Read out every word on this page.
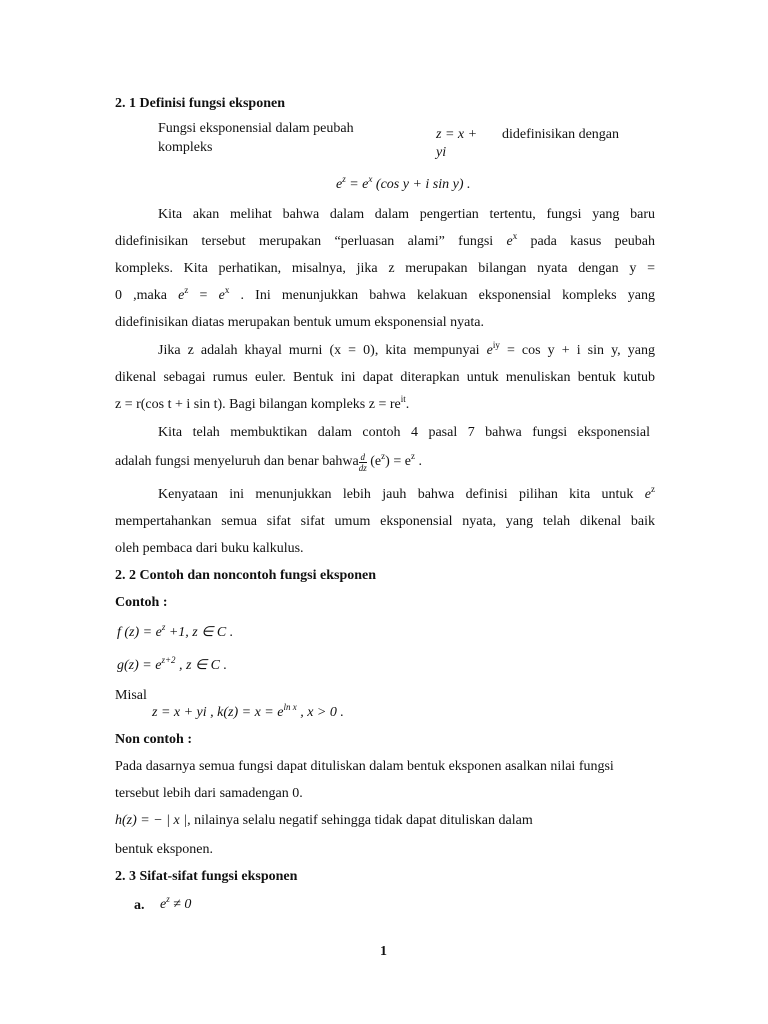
2. 1 Definisi fungsi eksponen
Fungsi eksponensial dalam peubah
kompleks
z = x +
yi
didefinisikan dengan
$e^z = e^x$ (cos y + i sin y) .
Kita akan melihat bahwa dalam dalam pengertian tertentu, fungsi yang baru
didefinisikan tersebut merupakan “perluasan alami” fungsi $e^x$ pada kasus peubah
kompleks. Kita perhatikan, misalnya, jika z merupakan bilangan nyata dengan y =
0 ,maka $e^z = e^x$ . Ini menunjukkan bahwa kelakuan eksponensial kompleks yang
didefinisikan diatas merupakan bentuk umum eksponensial nyata.
Jika z adalah khayal murni (x = 0), kita mempunyai $e^{iy} = \cos y + i$ sin y, yang
dikenal sebagai rumus euler. Bentuk ini dapat diterapkan untuk menuliskan bentuk kutub
z = r(cos t + i sin t). Bagi bilangan kompleks $z = re^{it}$.
Kita telah membuktikan dalam contoh 4 pasal 7 bahwa fungsi eksponensial
adalah fungsi menyeluruh dan benar bahwa $\frac{d}{dz} (e^z) = e^z$ .
Kenyataan ini menunjukkan lebih jauh bahwa definisi pilihan kita untuk $e^z$
mempertahankan semua sifat sifat umum eksponensial nyata, yang telah dikenal baik
oleh pembaca dari buku kalkulus.
2. 2 Contoh dan noncontoh fungsi eksponen
Contoh :
f $(z) = e^z +1$, z ∈ C .
$g(z) = e^{z+2}$ , z ∈ C .
Misal
z = x + yi , $k(z) = x = e^{ln x}$ , x > 0 .
Non contoh :
Pada dasarnya semua fungsi dapat dituliskan dalam bentuk eksponen asalkan nilai fungsi
tersebut lebih dari samadengan 0.
h(z) = − | x |, nilainya selalu negatif sehingga tidak dapat dituliskan dalam
bentuk eksponen.
2. 3 Sifat-sifat fungsi eksponen
a. $e^z \ne 0$
1
